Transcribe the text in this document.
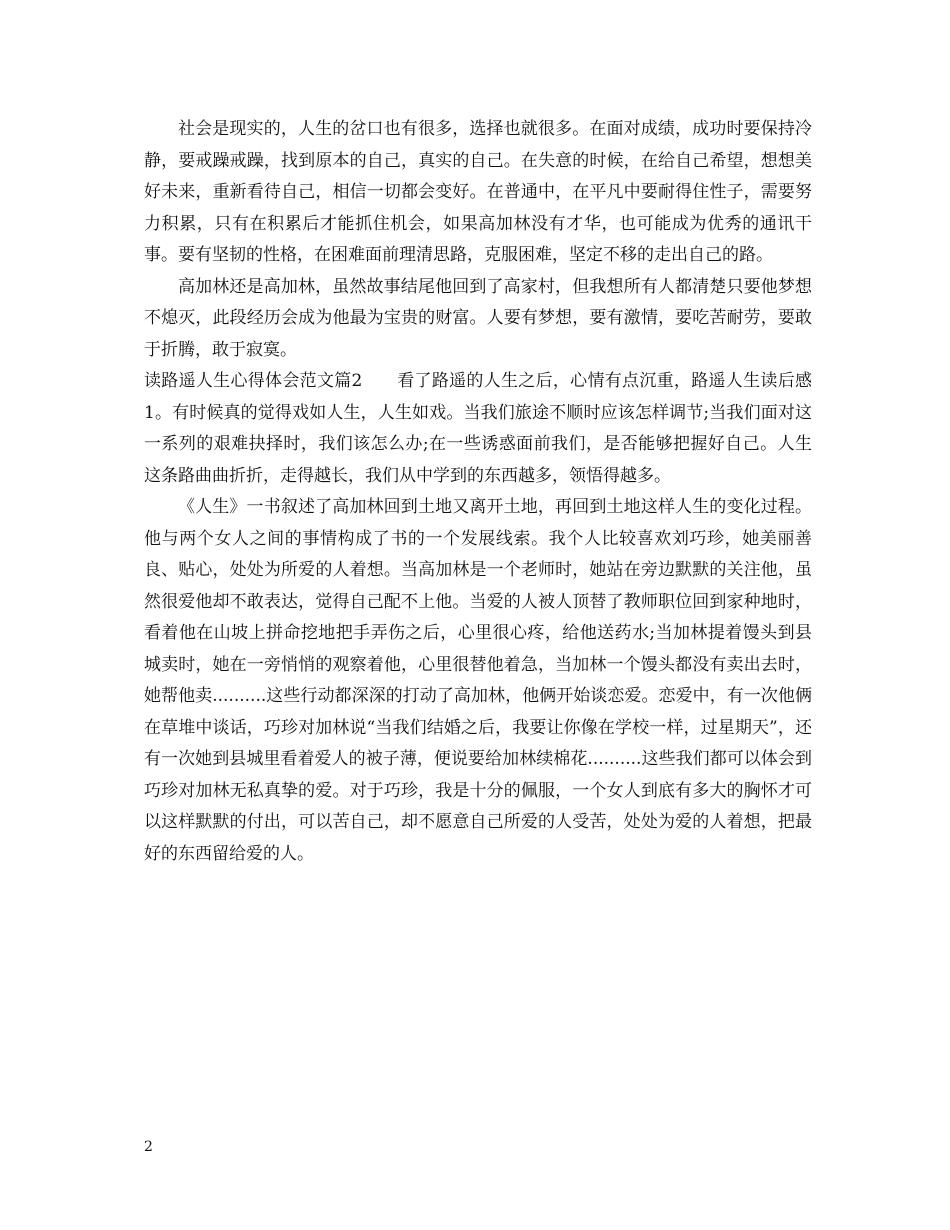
社会是现实的，人生的岔口也有很多，选择也就很多。在面对成绩，成功时要保持冷静，要戒躁戒躁，找到原本的自己，真实的自己。在失意的时候，在给自己希望，想想美好未来，重新看待自己，相信一切都会变好。在普通中，在平凡中要耐得住性子，需要努力积累，只有在积累后才能抓住机会，如果高加林没有才华，也可能成为优秀的通讯干事。要有坚韧的性格，在困难面前理清思路，克服困难，坚定不移的走出自己的路。

高加林还是高加林，虽然故事结尾他回到了高家村，但我想所有人都清楚只要他梦想不熄灭，此段经历会成为他最为宝贵的财富。人要有梦想，要有激情，要吃苦耐劳，要敢于折腾，敢于寂寞。

读路遥人生心得体会范文篇2　　看了路遥的人生之后，心情有点沉重，路遥人生读后感1。有时候真的觉得戏如人生，人生如戏。当我们旅途不顺时应该怎样调节;当我们面对这一系列的艰难抉择时，我们该怎么办;在一些诱惑面前我们，是否能够把握好自己。人生这条路曲曲折折，走得越长，我们从中学到的东西越多，领悟得越多。

《人生》一书叙述了高加林回到土地又离开土地，再回到土地这样人生的变化过程。他与两个女人之间的事情构成了书的一个发展线索。我个人比较喜欢刘巧珍，她美丽善良、贴心，处处为所爱的人着想。当高加林是一个老师时，她站在旁边默默的关注他，虽然很爱他却不敢表达，觉得自己配不上他。当爱的人被人顶替了教师职位回到家种地时，看着他在山坡上拼命挖地把手弄伤之后，心里很心疼，给他送药水;当加林提着馒头到县城卖时，她在一旁悄悄的观察着他，心里很替他着急，当加林一个馒头都没有卖出去时，她帮他卖..........这些行动都深深的打动了高加林，他俩开始谈恋爱。恋爱中，有一次他俩在草堆中谈话，巧珍对加林说“当我们结婚之后，我要让你像在学校一样，过星期天”，还有一次她到县城里看着爱人的被子薄，便说要给加林续棉花..........这些我们都可以体会到巧珍对加林无私真挚的爱。对于巧珍，我是十分的佩服，一个女人到底有多大的胸怀才可以这样默默的付出，可以苦自己，却不愿意自己所爱的人受苦，处处为爱的人着想，把最好的东西留给爱的人。

2
